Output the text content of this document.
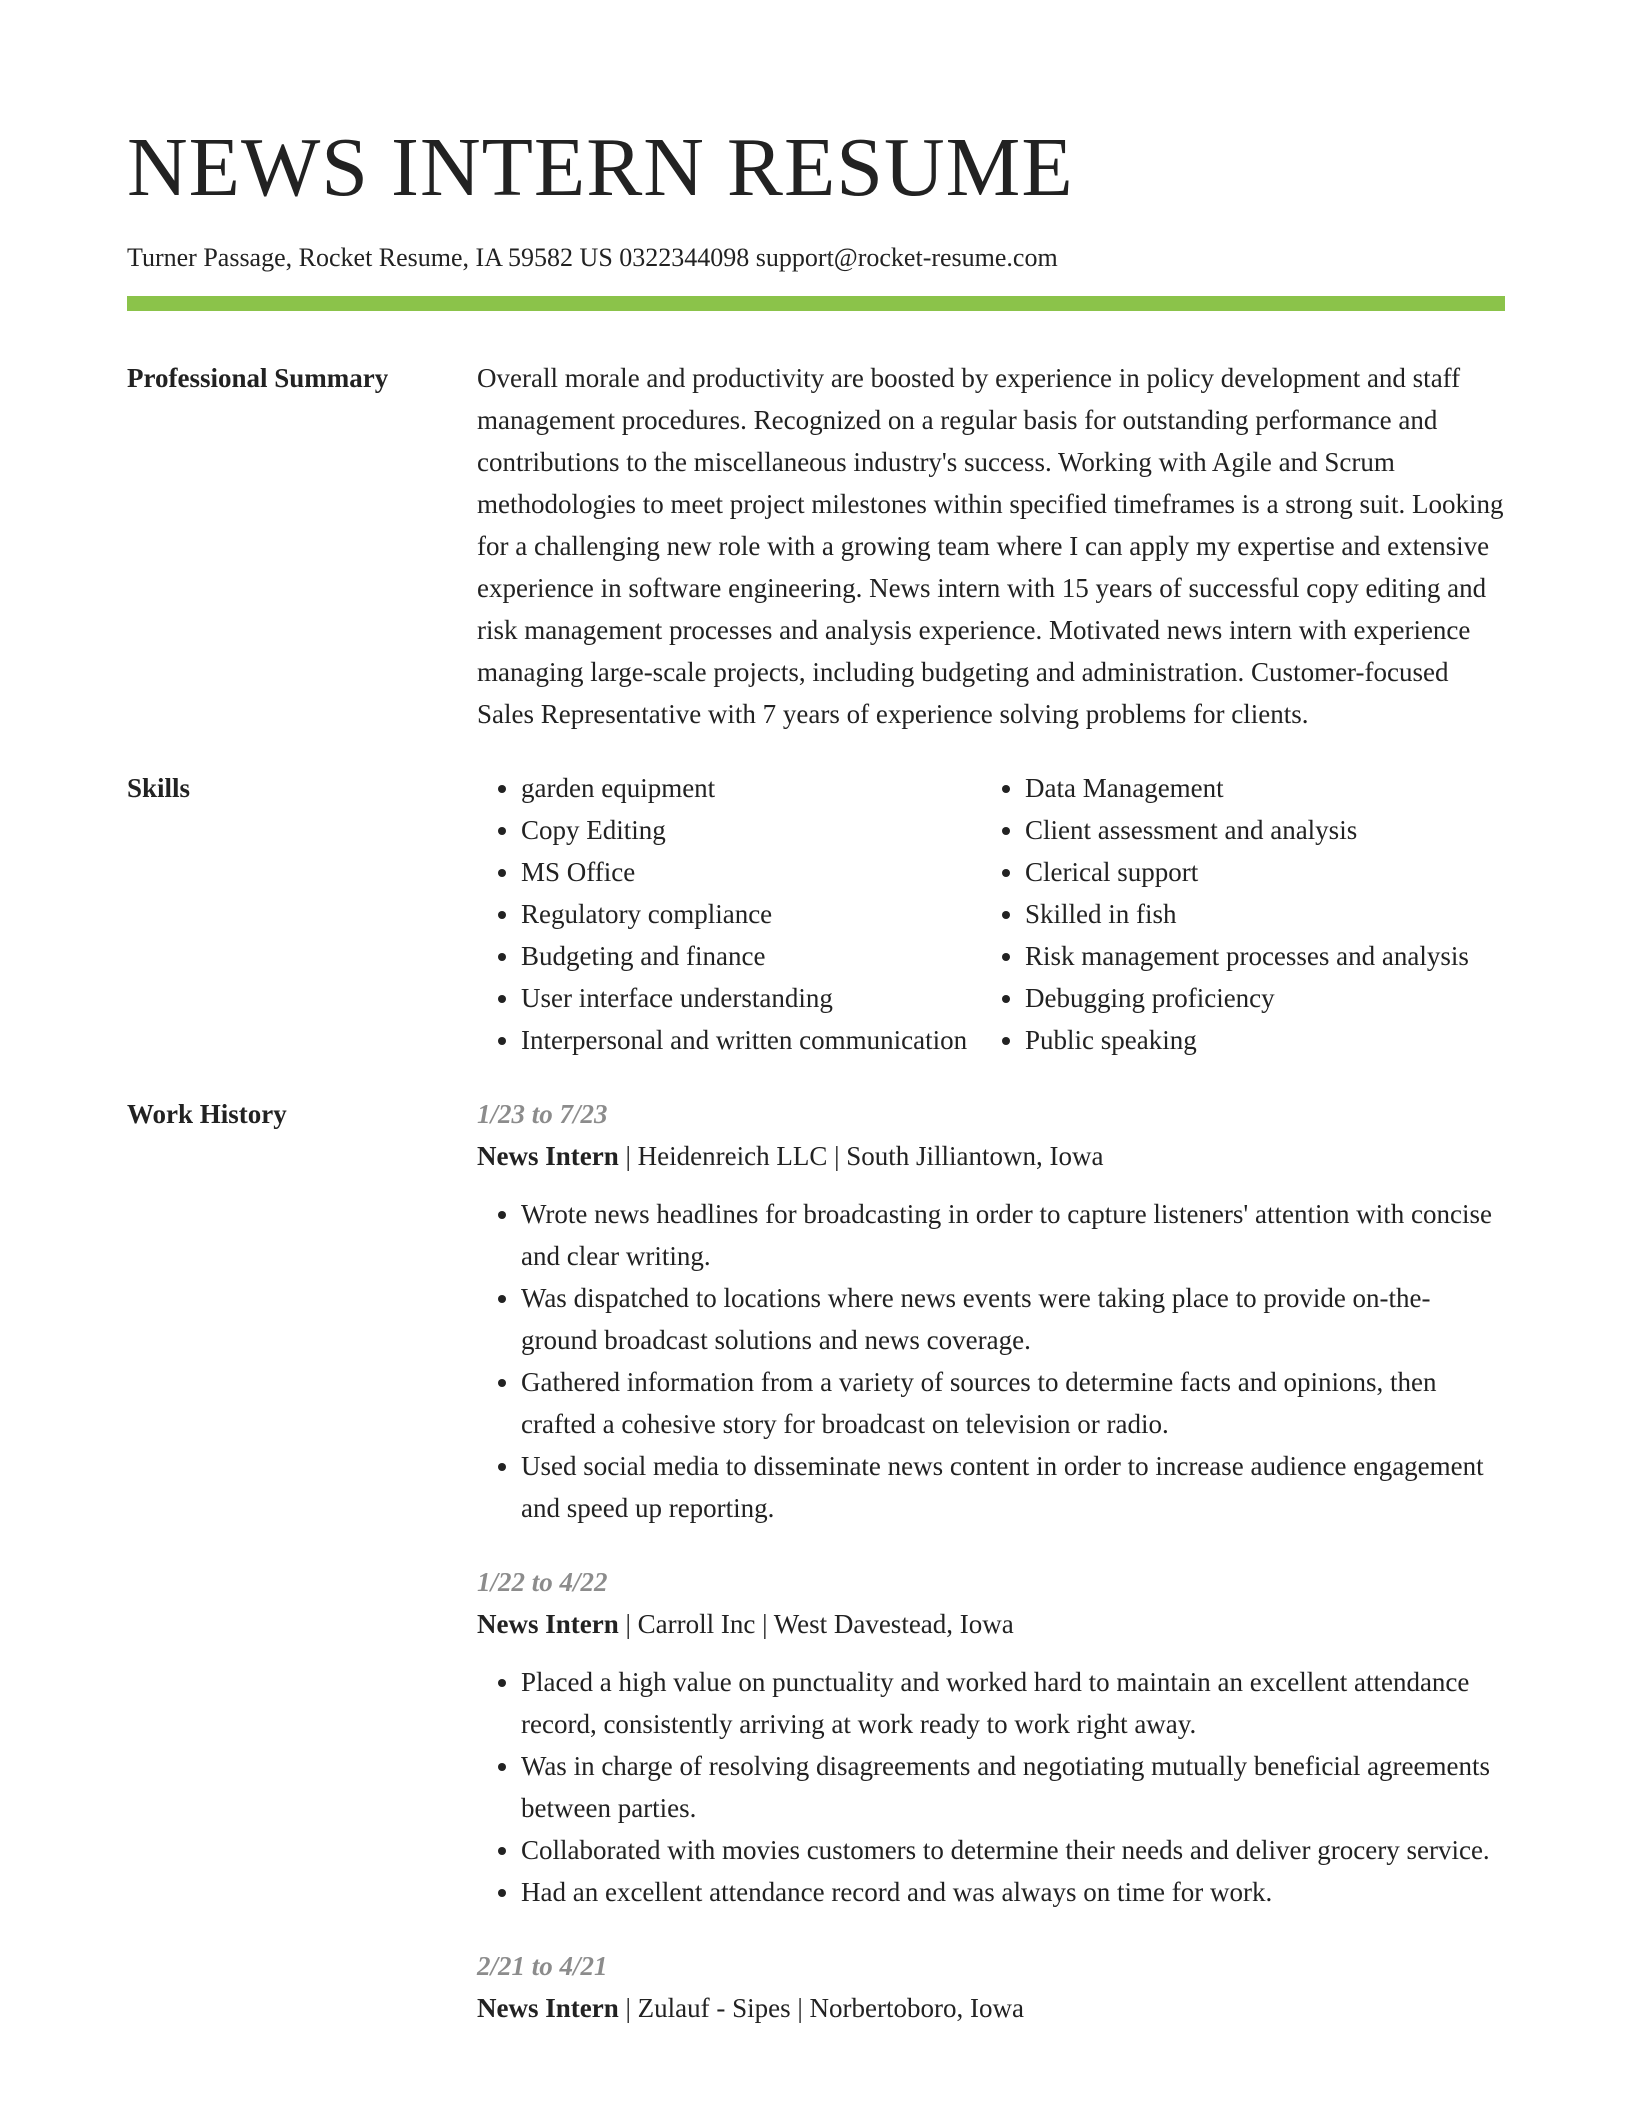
NEWS INTERN RESUME
Turner Passage, Rocket Resume, IA 59582 US 0322344098 support@rocket-resume.com
Professional Summary	Overall morale and productivity are boosted by experience in policy development and staff management procedures. Recognized on a regular basis for outstanding performance and contributions to the miscellaneous industry's success. Working with Agile and Scrum methodologies to meet project milestones within specified timeframes is a strong suit. Looking for a challenging new role with a growing team where I can apply my expertise and extensive experience in software engineering. News intern with 15 years of successful copy editing and risk management processes and analysis experience. Motivated news intern with experience managing large-scale projects, including budgeting and administration. Customer-focused Sales Representative with 7 years of experience solving problems for clients.

Skills
•	garden equipment
• Copy Editing
• MS Office
• Regulatory compliance
• Budgeting and finance
• User interface understanding
• Interpersonal and written communication
• Data Management
• Client assessment and analysis
• Clerical support
• Skilled in fish
• Risk management processes and analysis
• Debugging proficiency
• Public speaking
Work History	1/23 to 7/23
News Intern | Heidenreich LLC | South Jilliantown, Iowa
• Wrote news headlines for broadcasting in order to capture listeners' attention with concise and clear writing.
• Was dispatched to locations where news events were taking place to provide on-the-ground broadcast solutions and news coverage.
• Gathered information from a variety of sources to determine facts and opinions, then crafted a cohesive story for broadcast on television or radio.
• Used social media to disseminate news content in order to increase audience engagement and speed up reporting.
1/22 to 4/22
News Intern | Carroll Inc | West Davestead, Iowa
• Placed a high value on punctuality and worked hard to maintain an excellent attendance record, consistently arriving at work ready to work right away.
• Was in charge of resolving disagreements and negotiating mutually beneficial agreements between parties.
• Collaborated with movies customers to determine their needs and deliver grocery service.
• Had an excellent attendance record and was always on time for work.
2/21 to 4/21
News Intern | Zulauf - Sipes | Norbertoboro, Iowa
